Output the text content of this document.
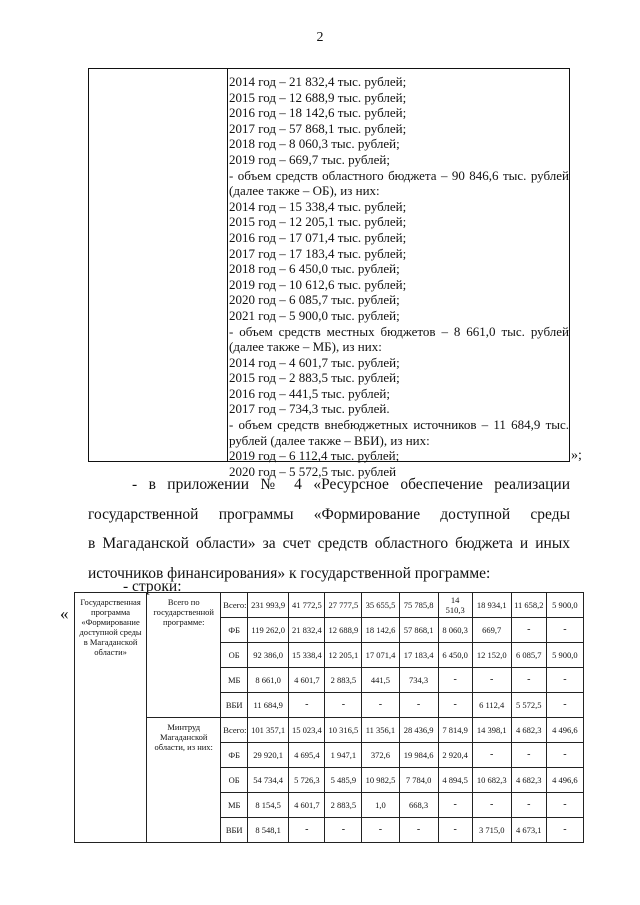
2
2014 год – 21 832,4 тыс. рублей;
2015 год – 12 688,9 тыс. рублей;
2016 год – 18 142,6 тыс. рублей;
2017 год – 57 868,1 тыс. рублей;
2018 год – 8 060,3 тыс. рублей;
2019 год – 669,7 тыс. рублей;
- объем средств областного бюджета – 90 846,6 тыс. рублей
(далее также – ОБ), из них:
2014 год – 15 338,4 тыс. рублей;
2015 год – 12 205,1 тыс. рублей;
2016 год – 17 071,4 тыс. рублей;
2017 год – 17 183,4 тыс. рублей;
2018 год – 6 450,0 тыс. рублей;
2019 год – 10 612,6 тыс. рублей;
2020 год – 6 085,7 тыс. рублей;
2021 год – 5 900,0 тыс. рублей;
- объем средств местных бюджетов – 8 661,0 тыс. рублей
(далее также – МБ), из них:
2014 год – 4 601,7 тыс. рублей;
2015 год – 2 883,5 тыс. рублей;
2016 год – 441,5 тыс. рублей;
2017 год – 734,3 тыс. рублей.
- объем средств внебюджетных источников – 11 684,9 тыс.
рублей (далее также – ВБИ), из них:
2019 год – 6 112,4 тыс. рублей;
2020 год – 5 572,5 тыс. рублей
»;

- в приложении № 4 «Ресурсное обеспечение реализации
государственной программы «Формирование доступной среды
в Магаданской области» за счет средств областного бюджета и иных
источников финансирования» к государственной программе:

- строки:

«
Государственная программа «Формирование доступной среды в Магаданской области»	Всего по государственной программе:	Всего:	231 993,9	41 772,5	27 777,5	35 655,5	75 785,8	14 510,3	18 934,1	11 658,2	5 900,0
		ФБ	119 262,0	21 832,4	12 688,9	18 142,6	57 868,1	8 060,3	669,7	-	-
		ОБ	92 386,0	15 338,4	12 205,1	17 071,4	17 183,4	6 450,0	12 152,0	6 085,7	5 900,0
		МБ	8 661,0	4 601,7	2 883,5	441,5	734,3	-	-	-	-
		ВБИ	11 684,9	-	-	-	-	-	6 112,4	5 572,5	-
	Минтруд Магаданской области, из них:	Всего:	101 357,1	15 023,4	10 316,5	11 356,1	28 436,9	7 814,9	14 398,1	4 682,3	4 496,6
		ФБ	29 920,1	4 695,4	1 947,1	372,6	19 984,6	2 920,4	-	-	-
		ОБ	54 734,4	5 726,3	5 485,9	10 982,5	7 784,0	4 894,5	10 682,3	4 682,3	4 496,6
		МБ	8 154,5	4 601,7	2 883,5	1,0	668,3	-	-	-	-
		ВБИ	8 548,1	-	-	-	-	-	3 715,0	4 673,1	-
